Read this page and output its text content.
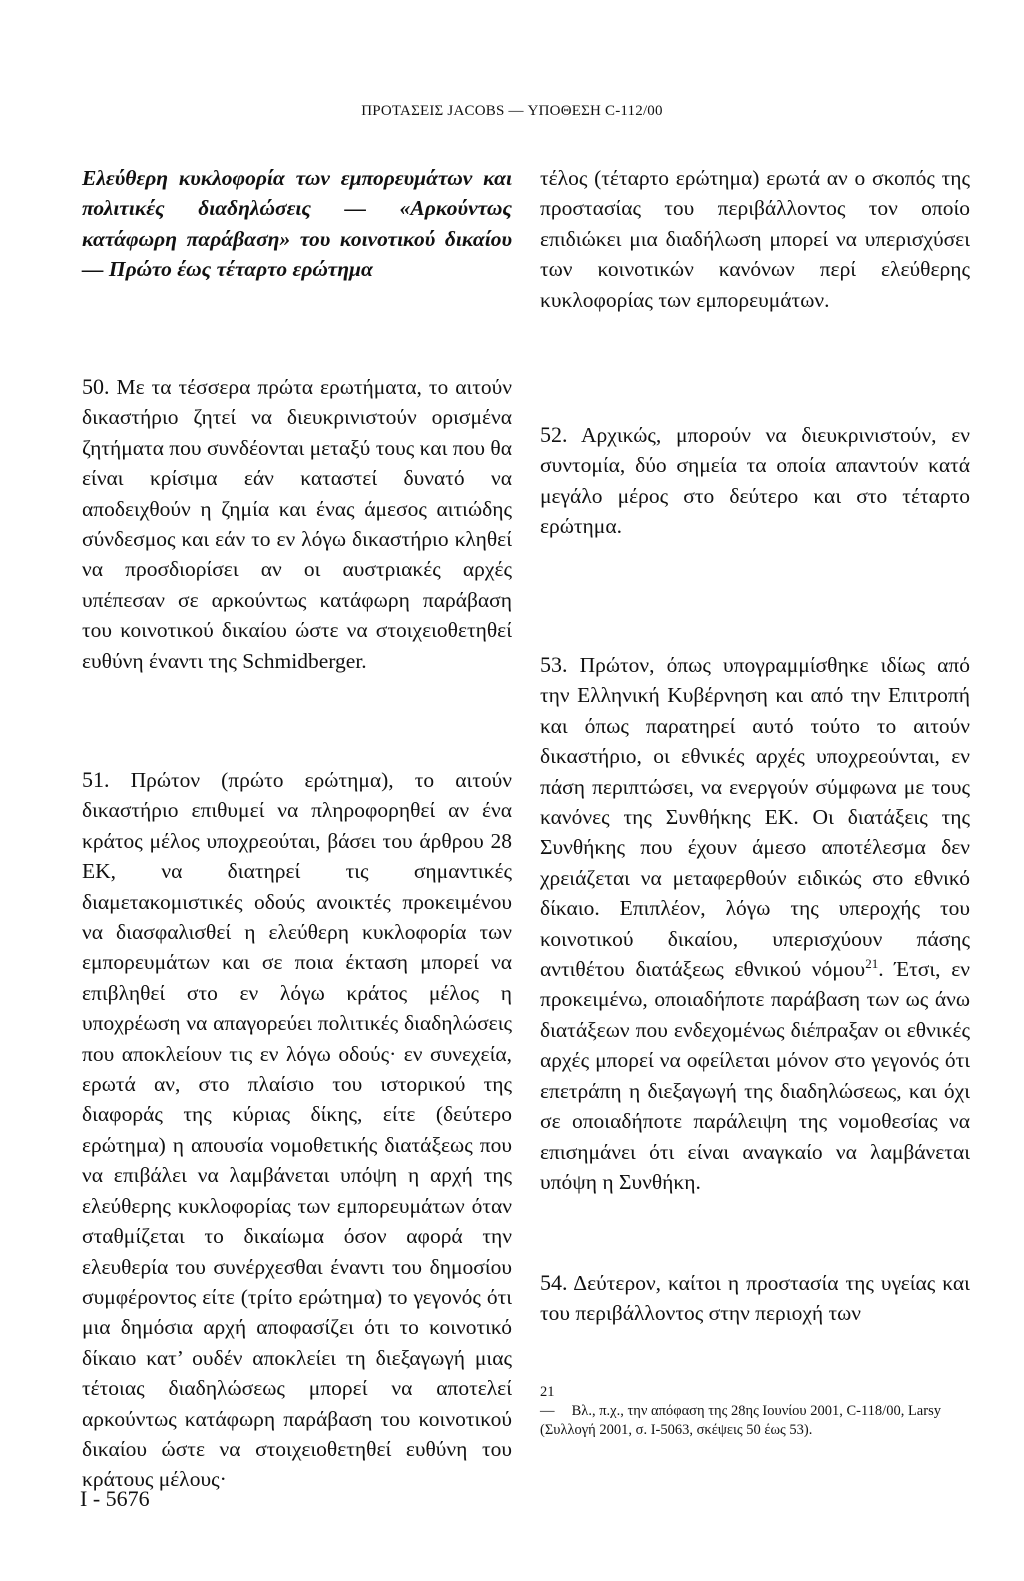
ΠΡΟΤΑΣΕΙΣ JACOBS — ΥΠΟΘΕΣΗ C-112/00

Ελεύθερη κυκλοφορία των εμπορευμάτων και πολιτικές διαδηλώσεις — «Αρκούντως κατάφωρη παράβαση» του κοινοτικού δικαίου — Πρώτο έως τέταρτο ερώτημα

50. Με τα τέσσερα πρώτα ερωτήματα, το αιτούν δικαστήριο ζητεί να διευκρινιστούν ορισμένα ζητήματα που συνδέονται μεταξύ τους και που θα είναι κρίσιμα εάν καταστεί δυνατό να αποδειχθούν η ζημία και ένας άμεσος αιτιώδης σύνδεσμος και εάν το εν λόγω δικαστήριο κληθεί να προσδιορίσει αν οι αυστριακές αρχές υπέπεσαν σε αρκούντως κατάφωρη παράβαση του κοινοτικού δικαίου ώστε να στοιχειοθετηθεί ευθύνη έναντι της Schmidberger.

51. Πρώτον (πρώτο ερώτημα), το αιτούν δικαστήριο επιθυμεί να πληροφορηθεί αν ένα κράτος μέλος υποχρεούται, βάσει του άρθρου 28 ΕΚ, να διατηρεί τις σημαντικές διαμετακομιστικές οδούς ανοικτές προκειμένου να διασφαλισθεί η ελεύθερη κυκλοφορία των εμπορευμάτων και σε ποια έκταση μπορεί να επιβληθεί στο εν λόγω κράτος μέλος η υποχρέωση να απαγορεύει πολιτικές διαδηλώσεις που αποκλείουν τις εν λόγω οδούς· εν συνεχεία, ερωτά αν, στο πλαίσιο του ιστορικού της διαφοράς της κύριας δίκης, είτε (δεύτερο ερώτημα) η απουσία νομοθετικής διατάξεως που να επιβάλει να λαμβάνεται υπόψη η αρχή της ελεύθερης κυκλοφορίας των εμπορευμάτων όταν σταθμίζεται το δικαίωμα όσον αφορά την ελευθερία του συνέρχεσθαι έναντι του δημοσίου συμφέροντος είτε (τρίτο ερώτημα) το γεγονός ότι μια δημόσια αρχή αποφασίζει ότι το κοινοτικό δίκαιο κατ’ ουδέν αποκλείει τη διεξαγωγή μιας τέτοιας διαδηλώσεως μπορεί να αποτελεί αρκούντως κατάφωρη παράβαση του κοινοτικού δικαίου ώστε να στοιχειοθετηθεί ευθύνη του κράτους μέλους·

τέλος (τέταρτο ερώτημα) ερωτά αν ο σκοπός της προστασίας του περιβάλλοντος τον οποίο επιδιώκει μια διαδήλωση μπορεί να υπερισχύσει των κοινοτικών κανόνων περί ελεύθερης κυκλοφορίας των εμπορευμάτων.

52. Αρχικώς, μπορούν να διευκρινιστούν, εν συντομία, δύο σημεία τα οποία απαντούν κατά μεγάλο μέρος στο δεύτερο και στο τέταρτο ερώτημα.

53. Πρώτον, όπως υπογραμμίσθηκε ιδίως από την Ελληνική Κυβέρνηση και από την Επιτροπή και όπως παρατηρεί αυτό τούτο το αιτούν δικαστήριο, οι εθνικές αρχές υποχρεούνται, εν πάση περιπτώσει, να ενεργούν σύμφωνα με τους κανόνες της Συνθήκης ΕΚ. Οι διατάξεις της Συνθήκης που έχουν άμεσο αποτέλεσμα δεν χρειάζεται να μεταφερθούν ειδικώς στο εθνικό δίκαιο. Επιπλέον, λόγω της υπεροχής του κοινοτικού δικαίου, υπερισχύουν πάσης αντιθέτου διατάξεως εθνικού νόμου$^{21}$. Έτσι, εν προκειμένω, οποιαδήποτε παράβαση των ως άνω διατάξεων που ενδεχομένως διέπραξαν οι εθνικές αρχές μπορεί να οφείλεται μόνον στο γεγονός ότι επετράπη η διεξαγωγή της διαδηλώσεως, και όχι σε οποιαδήποτε παράλειψη της νομοθεσίας να επισημάνει ότι είναι αναγκαίο να λαμβάνεται υπόψη η Συνθήκη.

54. Δεύτερον, καίτοι η προστασία της υγείας και του περιβάλλοντος στην περιοχή των

21 — Βλ., π.χ., την απόφαση της 28ης Ιουνίου 2001, C-118/00, Larsy (Συλλογή 2001, σ. I-5063, σκέψεις 50 έως 53).
I - 5676
